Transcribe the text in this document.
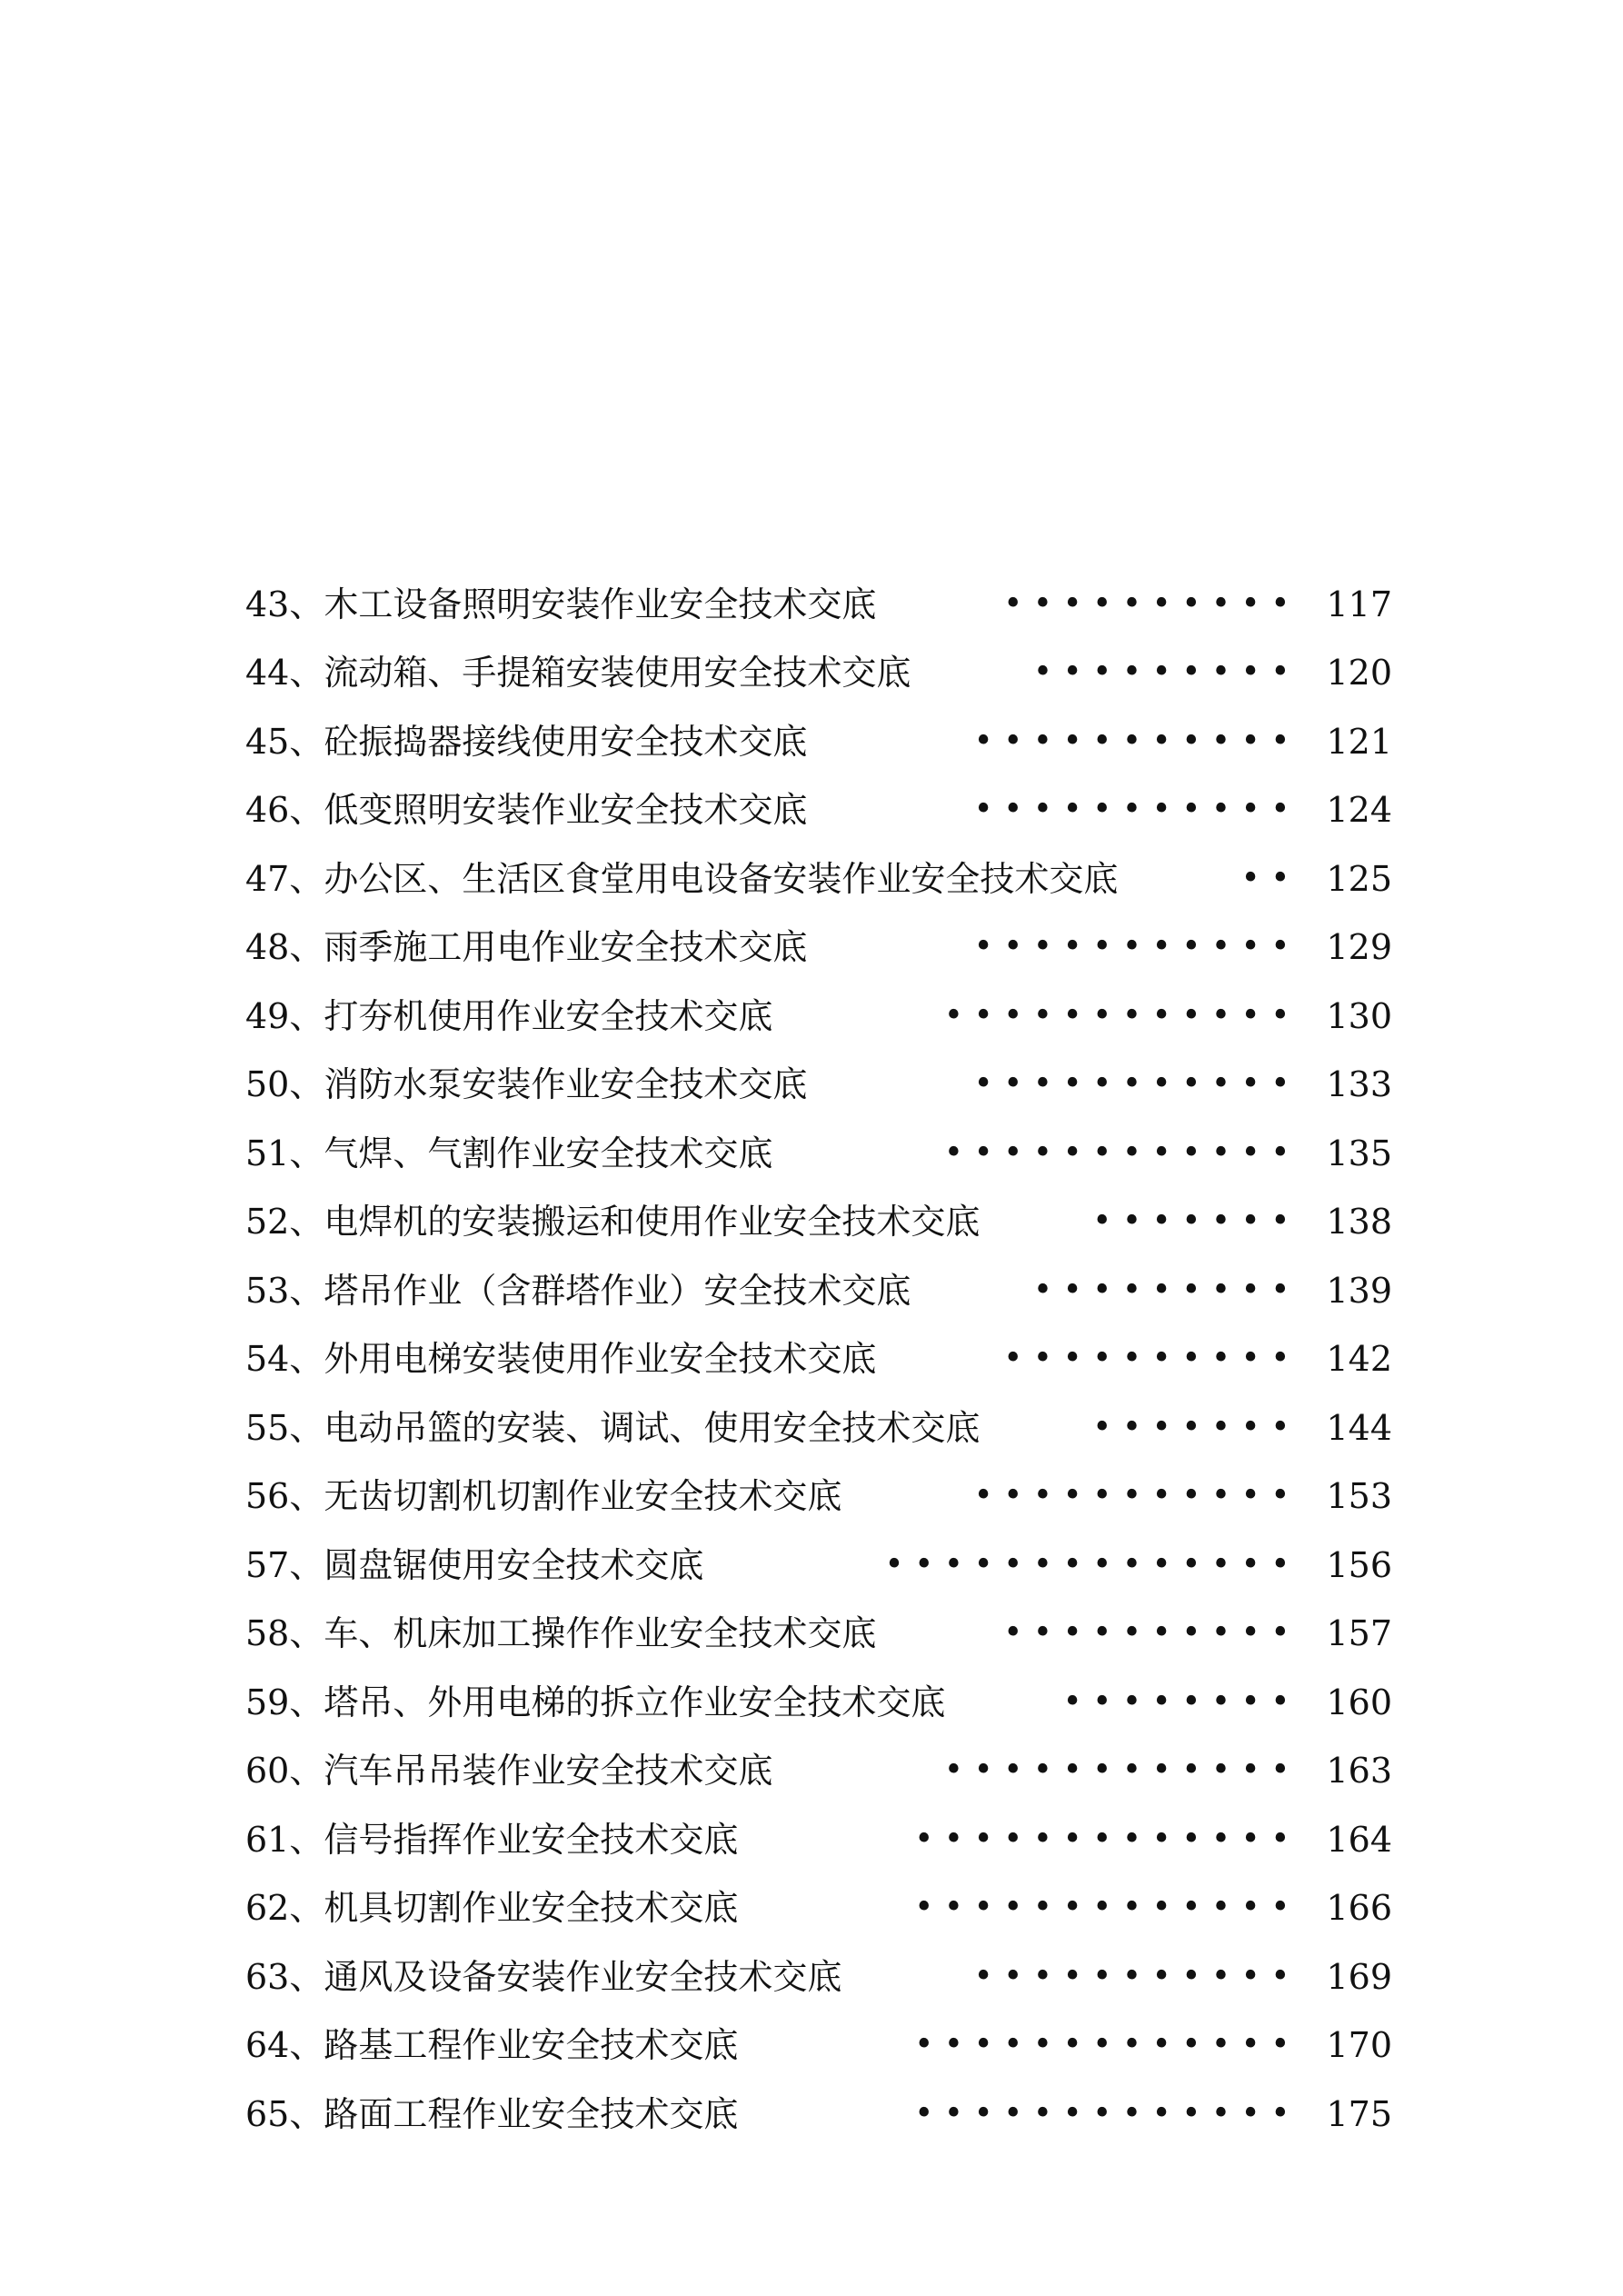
43、木工设备照明安装作业安全技术交底	• • • • • • • • • •	117
44、流动箱、手提箱安装使用安全技术交底	• • • • • • • • •	120
45、砼振捣器接线使用安全技术交底	• • • • • • • • • • •	121
46、低变照明安装作业安全技术交底	• • • • • • • • • • •	124
47、办公区、生活区食堂用电设备安装作业安全技术交底	• •	125
48、雨季施工用电作业安全技术交底	• • • • • • • • • • •	129
49、打夯机使用作业安全技术交底	• • • • • • • • • • • •	130
50、消防水泵安装作业安全技术交底	• • • • • • • • • • •	133
51、气焊、气割作业安全技术交底	• • • • • • • • • • • •	135
52、电焊机的安装搬运和使用作业安全技术交底	• • • • • • •	138
53、塔吊作业（含群塔作业）安全技术交底	• • • • • • • • •	139
54、外用电梯安装使用作业安全技术交底	• • • • • • • • • •	142
55、电动吊篮的安装、调试、使用安全技术交底	• • • • • • •	144
56、无齿切割机切割作业安全技术交底	• • • • • • • • • • •	153
57、圆盘锯使用安全技术交底	• • • • • • • • • • • • • •	156
58、车、机床加工操作作业安全技术交底	• • • • • • • • • •	157
59、塔吊、外用电梯的拆立作业安全技术交底	• • • • • • • •	160
60、汽车吊吊装作业安全技术交底	• • • • • • • • • • • •	163
61、信号指挥作业安全技术交底	• • • • • • • • • • • • •	164
62、机具切割作业安全技术交底	• • • • • • • • • • • • •	166
63、通风及设备安装作业安全技术交底	• • • • • • • • • • •	169
64、路基工程作业安全技术交底	• • • • • • • • • • • • •	170
65、路面工程作业安全技术交底	• • • • • • • • • • • • •	175
